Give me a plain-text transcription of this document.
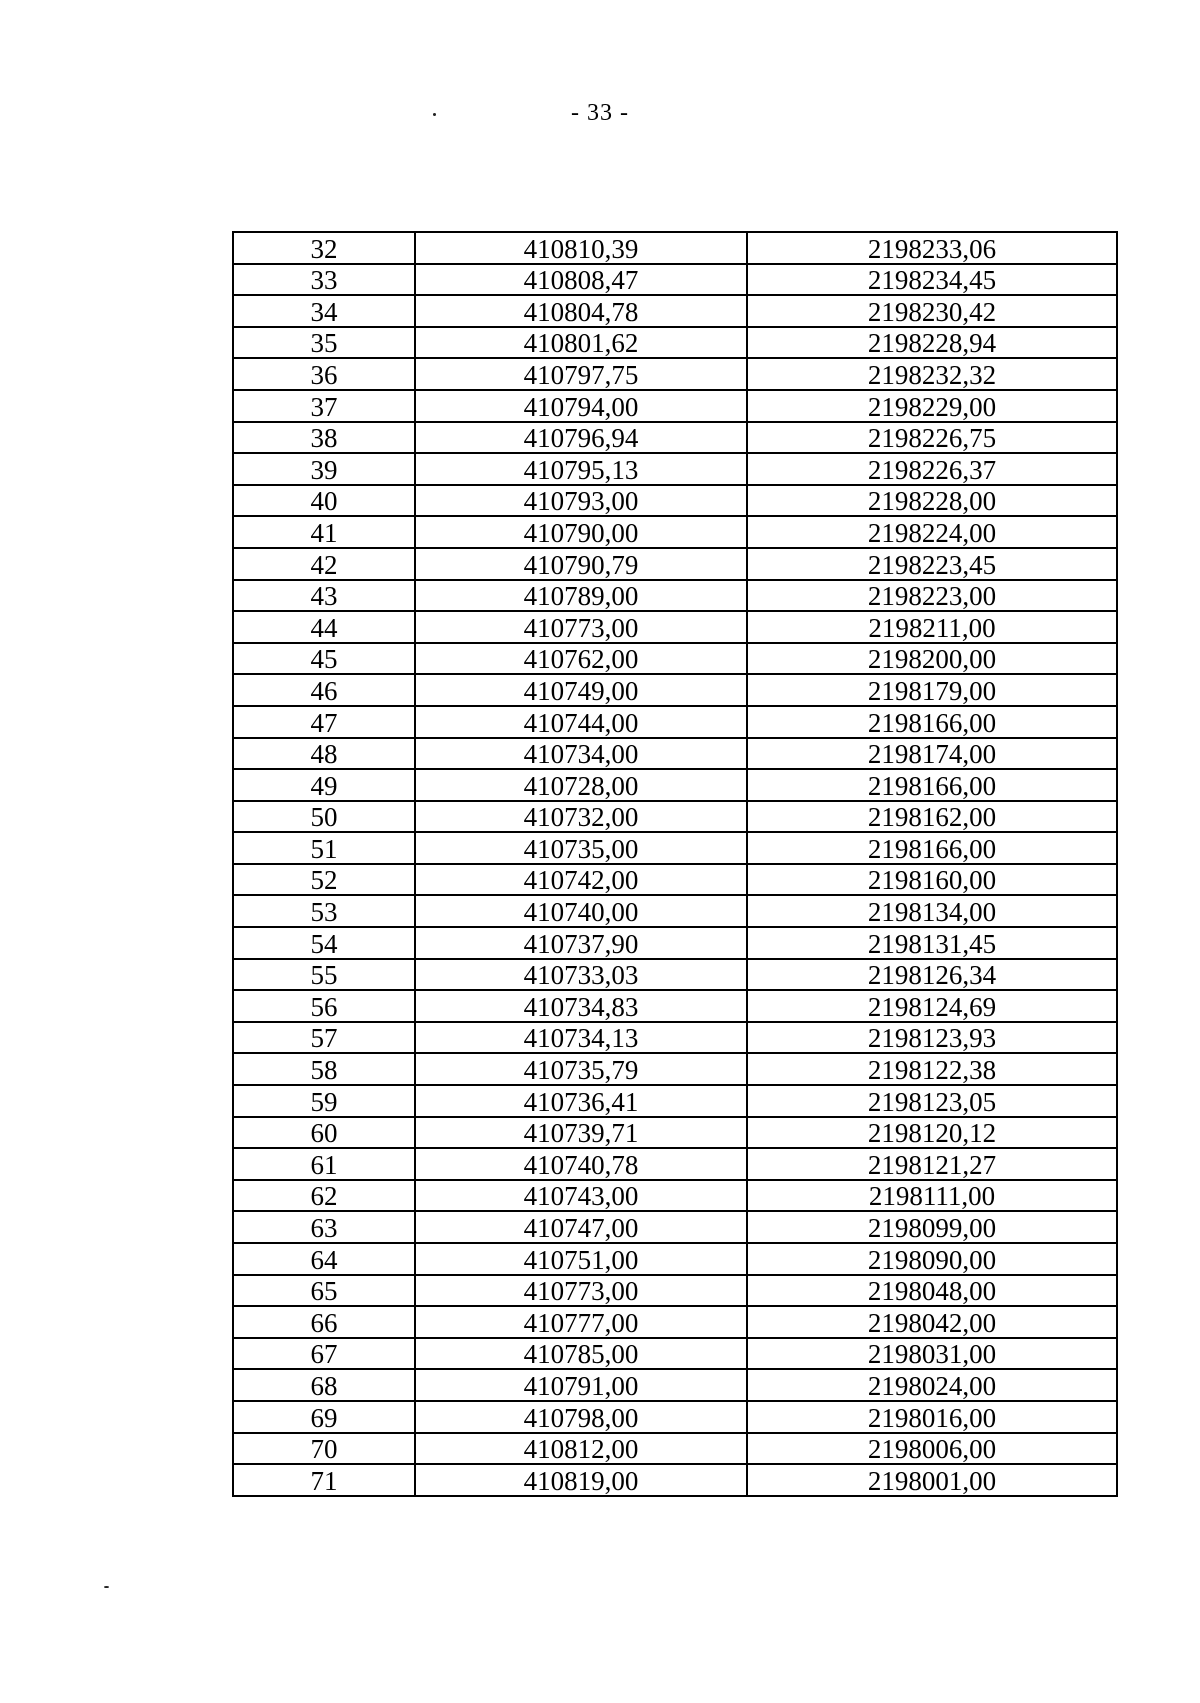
- 33 -
32	410810,39	2198233,06
33	410808,47	2198234,45
34	410804,78	2198230,42
35	410801,62	2198228,94
36	410797,75	2198232,32
37	410794,00	2198229,00
38	410796,94	2198226,75
39	410795,13	2198226,37
40	410793,00	2198228,00
41	410790,00	2198224,00
42	410790,79	2198223,45
43	410789,00	2198223,00
44	410773,00	2198211,00
45	410762,00	2198200,00
46	410749,00	2198179,00
47	410744,00	2198166,00
48	410734,00	2198174,00
49	410728,00	2198166,00
50	410732,00	2198162,00
51	410735,00	2198166,00
52	410742,00	2198160,00
53	410740,00	2198134,00
54	410737,90	2198131,45
55	410733,03	2198126,34
56	410734,83	2198124,69
57	410734,13	2198123,93
58	410735,79	2198122,38
59	410736,41	2198123,05
60	410739,71	2198120,12
61	410740,78	2198121,27
62	410743,00	2198111,00
63	410747,00	2198099,00
64	410751,00	2198090,00
65	410773,00	2198048,00
66	410777,00	2198042,00
67	410785,00	2198031,00
68	410791,00	2198024,00
69	410798,00	2198016,00
70	410812,00	2198006,00
71	410819,00	2198001,00
